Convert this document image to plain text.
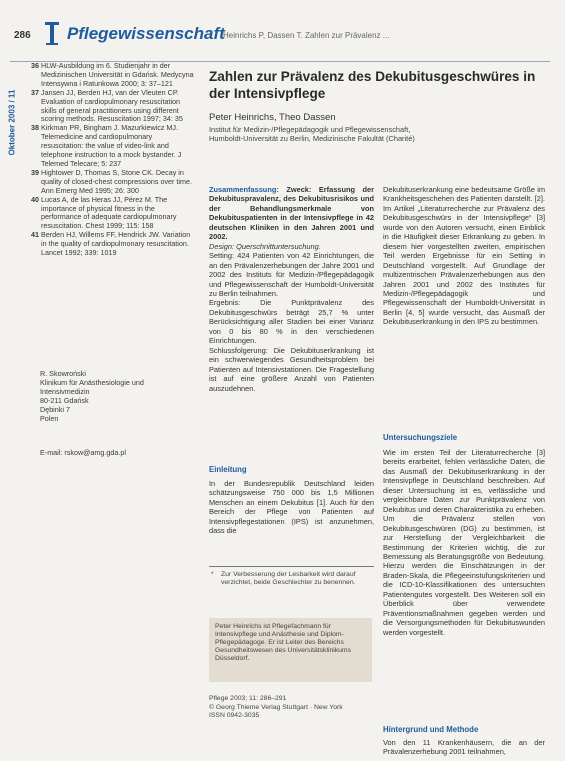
286 Pflegewissenschaft
Heinrichs P, Dassen T. Zahlen zur Prävalenz ...
Oktober 2003 / 11
36 HLW-Ausbildung im 6. Studienjahr in der Medizinischen Universität in Gdańsk. Medycyna Intensywna i Ratunkowa 2000; 3: 37–121
37 Jansen JJ, Berden HJ, van der Vleuten CP. Evaluation of cardiopulmonary resuscitation skills of general practitioners using different scoring methods. Resuscitation 1997; 34: 35
38 Kirkman PR, Bingham J. Mazurkiewicz MJ. Telemedicine and cardiopulmonary resuscitation: the value of video-link and telephone instruction to a mock bystander. J Telemed Telecare; 5: 237
39 Hightower D, Thomas S, Stone CK. Decay in quality of closed-chest compressions over time. Ann Emerg Med 1995; 26: 300
40 Lucas A, de las Heras JJ, Pérez M. The importance of physical fitness in the performance of adequate cardiopulmonary resuscitation. Chest 1999; 115: 158
41 Berden HJ, Willems FF, Hendrick JW. Variation in the quality of cardiopulmonary resuscitation. Lancet 1992; 339: 1019
R. Skowroński
Klinikum für Anästhesiologie und
Intensivmedizin
80-211 Gdańsk
Dębinki 7
Polen
E-mail: rskow@amg.gda.pl
Zahlen zur Prävalenz des Dekubitusgeschwüres in der Intensivpflege
Peter Heinrichs, Theo Dassen
Institut für Medizin-/Pflegepädagogik und Pflegewissenschaft,
Humboldt-Universität zu Berlin, Medizinische Fakultät (Charité)

Zusammenfassung: Zweck: Erfassung der Dekubituspravalenz, des Dekubitusrisikos und der Behandlungsmerkmale von Dekubituspatienten in der Intensivpflege in 42 deutschen Kliniken in den Jahren 2001 und 2002.

Design: Querschnittuntersuchung.

Setting: 424 Patienten von 42 Einrichtungen, die an den Prävalenzerhebungen der Jahre 2001 und 2002 des Instituts für Medizin-/Pflegepädagogik und Pflegewissenschaft der Humboldt-Universität zu Berlin teilnahmen.

Ergebnis: Die Punktprävalenz des Dekubitusgeschwürs beträgt 25,7 % unter Berücksichtigung aller Stadien bei einer Varianz von 0 bis 80 % in den verschiedenen Einrichtungen.

Schlussfolgerung: Die Dekubituserkrankung ist ein schwerwiegendes Gesundheitsproblem bei Patienten auf Intensivstationen. Die Fragestellung ist auf eine größere Anzahl von Patienten auszudehnen.

Einleitung
In der Bundesrepublik Deutschland leiden schätzungsweise 750 000 bis 1,5 Millionen Menschen an einem Dekubitus [1]. Auch für den Bereich der Pflege von Patienten auf Intensivpflegestationen (IPS) ist anzunehmen, dass die
* Zur Verbesserung der Lesbarkeit wird darauf verzichtet, beide Geschlechter zu benennen.
Peter Heinrichs ist Pflegefachmann für Intensivpflege und Anästhesie und Diplom-Pflegepädagoge. Er ist Leiter des Bereichs Gesundheitswesen des Universitätsklinikums Düsseldorf.
Pflege 2003; 11: 286–291
© Georg Thieme Verlag Stuttgart · New York
ISSN 0942-3035
Dekubituserkrankung eine bedeutsame Größe im Krankheitsgeschehen des Patienten darstellt. [2]. Im Artikel „Literaturrecherche zur Prävalenz des Dekubitusgeschwürs in der Intensivpflege“ [3] wurde von den Autoren versucht, einen Einblick in die Häufigkeit dieser Erkrankung zu geben. In diesem hier vorgestellten zweiten, empirischen Teil werden Ergebnisse für ein Setting in Deutschland vorgestellt. Auf Grundlage der multizentrischen Prävalenzerhebungen aus den Jahren 2001 und 2002 des Institutes für Medizin-/Pflegepädagogik und Pflegewissenschaft der Humboldt-Universität in Berlin [4, 5] wurde versucht, das Ausmaß der Dekubituserkrankung in den IPS zu bestimmen.
Untersuchungsziele
Wie im ersten Teil der Literaturrecherche [3] bereits erarbeitet, fehlen verlässliche Daten, die das Ausmaß der Dekubituserkrankung in der Intensivpflege in Deutschland beschreiben. Auf dieser Untersuchung ist es, verlässliche und vergleichbare Daten zur Punktprävalenz von Dekubitus und deren Charakteristika zu erheben. Um die Prävalenz stellen von Dekubitusgeschwüren (DG) zu bestimmen, ist zur Herstellung der Vergleichbarkeit die Bestimmung der Kriterien wichtig, die zur Bemessung als Beratungsgröße von Bedeutung. Hierzu werden die Einschätzungen in der Braden-Skala, die Pflegeeinstufungskriterien und die ICD-10-Klassifikationen des untersuchten Patientengutes vorgestellt. Des Weiteren soll ein Überblick über verwendete Präventionsmaßnahmen gegeben werden und die Versorgungsmethoden für Dekubituswunden werden vorgestellt.
Hintergrund und Methode
Von den 11 Krankenhäusern, die an der Prävalenzerhebung 2001 teilnahmen,
